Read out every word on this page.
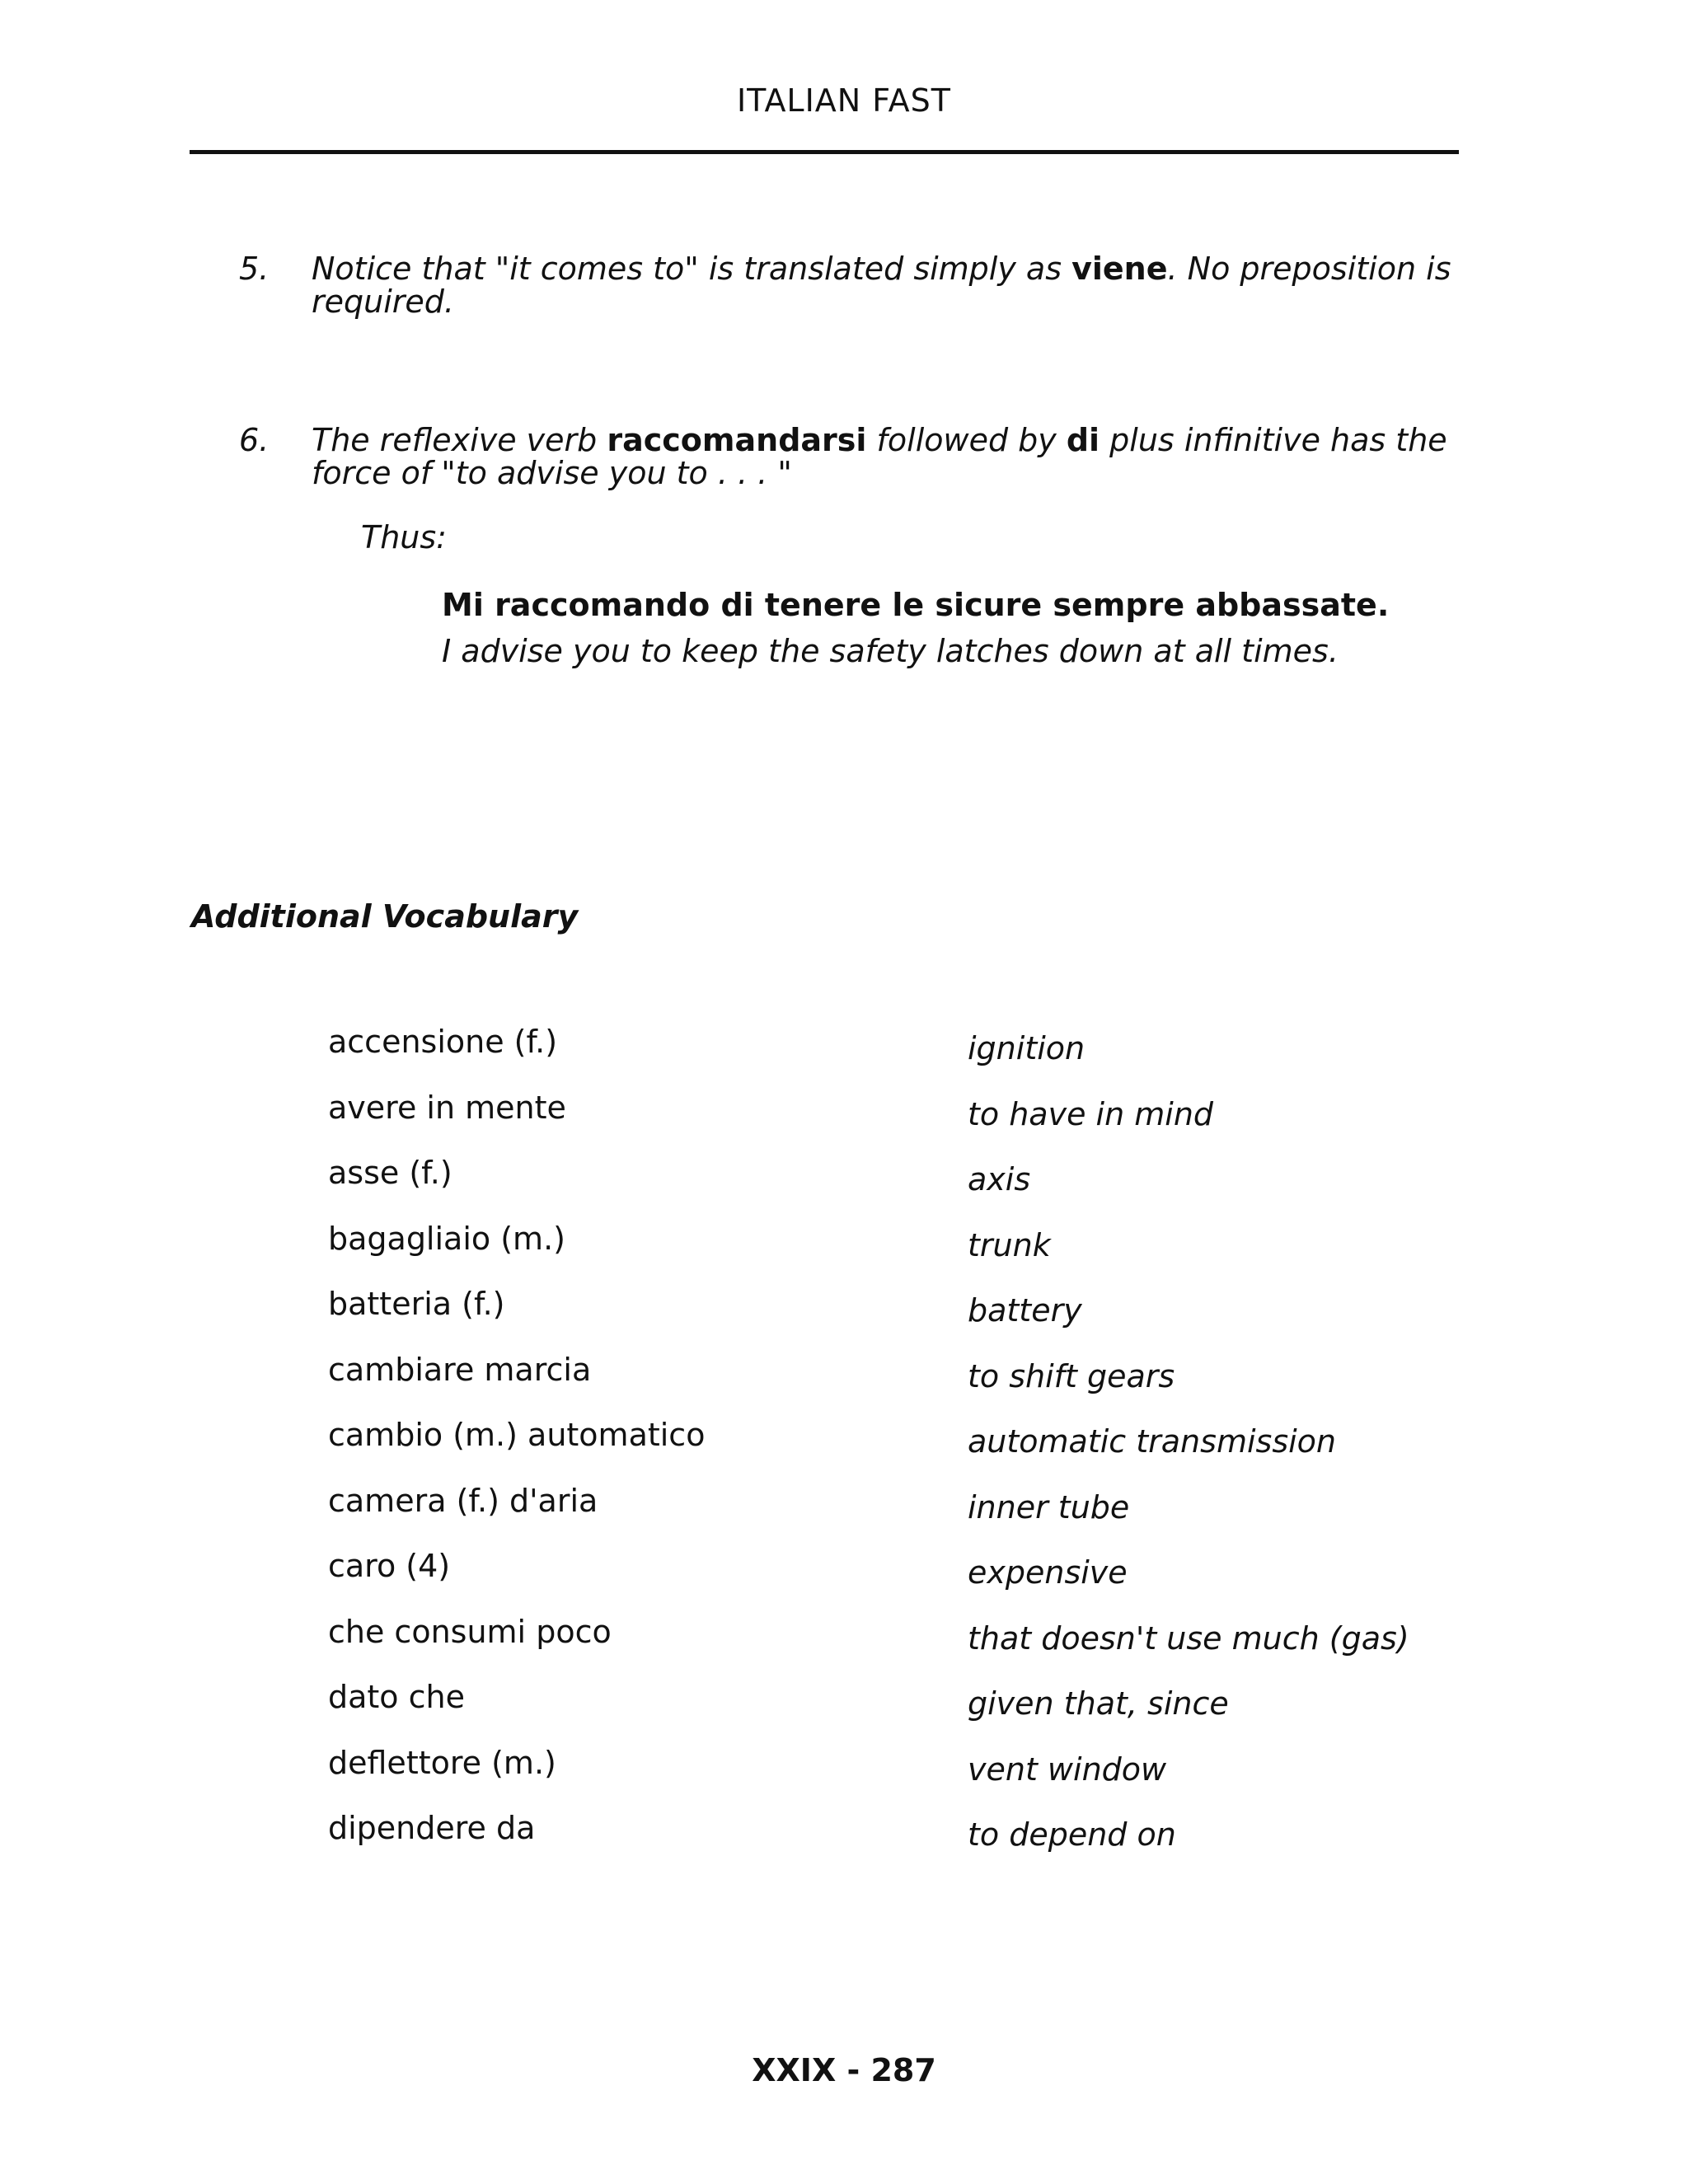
ITALIAN FAST
5. Notice that "it comes to" is translated simply as viene. No preposition is required.
6. The reflexive verb raccomandarsi followed by di plus infinitive has the force of "to advise you to . . . "
Thus:
Mi raccomando di tenere le sicure sempre abbassate.
I advise you to keep the safety latches down at all times.
Additional Vocabulary
accensione (f.)	ignition
avere in mente	to have in mind
asse (f.)	axis
bagagliaio (m.)	trunk
batteria (f.)	battery
cambiare marcia	to shift gears
cambio (m.) automatico	automatic transmission
camera (f.) d'aria	inner tube
caro (4)	expensive
che consumi poco	that doesn't use much (gas)
dato che	given that, since
deflettore (m.)	vent window
dipendere da	to depend on
XXIX - 287
